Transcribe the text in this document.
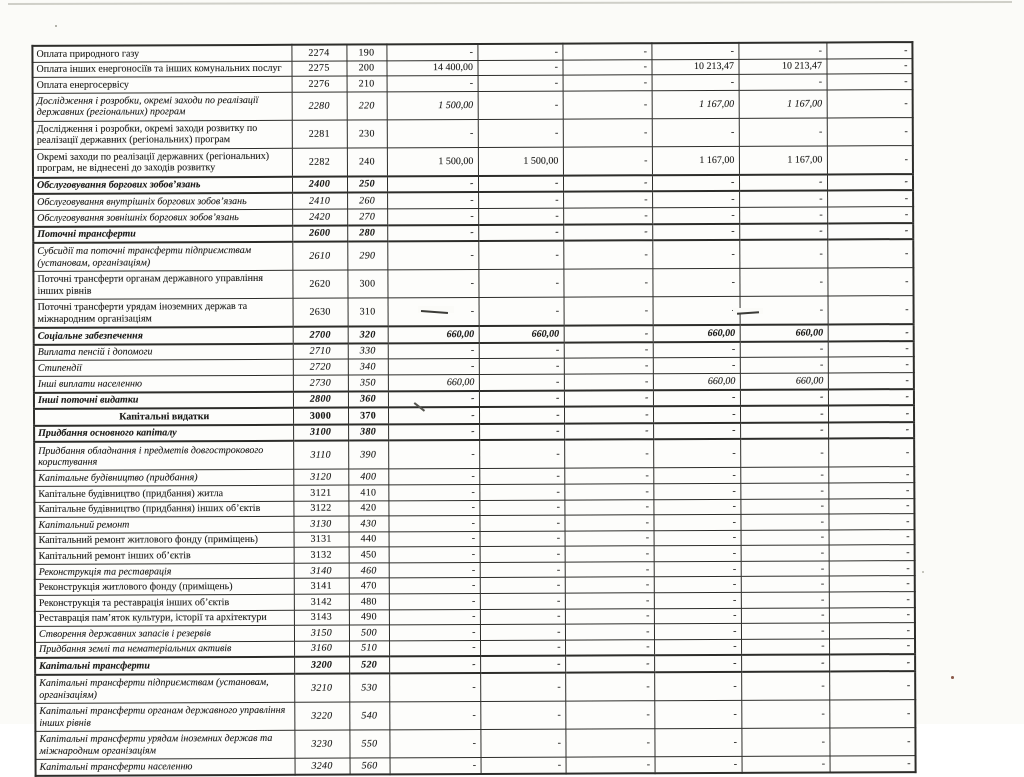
Оплата природного газу	2274	190	-	-	-	-	-	-
Оплата інших енергоносіїв та інших комунальних послуг	2275	200	14 400,00	-	-	10 213,47	10 213,47	-
Оплата енергосервісу	2276	210	-	-	-	-	-	-
Дослідження і розробки, окремі заходи по реалізації державних (регіональних) програм	2280	220	1 500,00	-	-	1 167,00	1 167,00	-
Дослідження і розробки, окремі заходи розвитку по реалізації державних (регіональних) програм	2281	230	-	-	-	-	-	-
Окремі заходи по реалізації державних (регіональних) програм, не віднесені до заходів розвитку	2282	240	1 500,00	1 500,00	-	1 167,00	1 167,00	-
Обслуговування боргових зобов’язань	2400	250	-	-	-	-	-	-
Обслуговування внутрішніх боргових зобов’язань	2410	260	-	-	-	-	-	-
Обслуговування зовнішніх боргових зобов’язань	2420	270	-	-	-	-	-	-
Поточні трансферти	2600	280	-	-	-	-	-	-
Субсидії та поточні трансферти підприємствам (установам, організаціям)	2610	290	-	-	-	-	-	-
Поточні трансферти органам державного управління інших рівнів	2620	300	-	-	-	-	-	-
Поточні трансферти урядам іноземних держав та міжнародним організаціям	2630	310	-	-	-		-	-
Соціальне забезпечення	2700	320	660,00	660,00	-	660,00	660,00	-
Виплата пенсій і допомоги	2710	330	-	-	-	-	-	-
Стипендії	2720	340	-	-	-	-	-	-
Інші виплати населенню	2730	350	660,00	-	-	660,00	660,00	-
Інші поточні видатки	2800	360	-	-	-	-	-	-
Капітальні видатки	3000	370	-	-	-	-	-	-
Придбання основного капіталу	3100	380	-	-	-	-	-	-
Придбання обладнання і предметів довгострокового користування	3110	390	-	-	-	-	-	-
Капітальне будівництво (придбання)	3120	400	-	-	-	-	-	-
Капітальне будівництво (придбання) житла	3121	410	-	-	-	-	-	-
Капітальне будівництво (придбання) інших об’єктів	3122	420	-	-	-	-	-	-
Капітальний ремонт	3130	430	-	-	-	-	-	-
Капітальний ремонт житлового фонду (приміщень)	3131	440	-	-	-	-	-	-
Капітальний ремонт інших об’єктів	3132	450	-	-	-	-	-	-
Реконструкція та реставрація	3140	460	-	-	-	-	-	-
Реконструкція житлового фонду (приміщень)	3141	470	-	-	-	-	-	-
Реконструкція та реставрація інших об’єктів	3142	480	-	-	-	-	-	-
Реставрація пам’яток культури, історії та архітектури	3143	490	-	-	-	-	-	-
Створення державних запасів і резервів	3150	500	-	-	-	-	-	-
Придбання землі та нематеріальних активів	3160	510	-	-	-	-	-	-
Капітальні трансферти	3200	520	-	-	-	-	-	-
Капітальні трансферти підприємствам (установам, організаціям)	3210	530	-	-	-	-	-	-
Капітальні трансферти органам державного управління інших рівнів	3220	540	-	-	-	-	-	-
Капітальні трансферти урядам іноземних держав та міжнародним організаціям	3230	550	-	-	-	-	-	-
Капітальні трансферти населенню	3240	560	-	-	-	-	-	-
